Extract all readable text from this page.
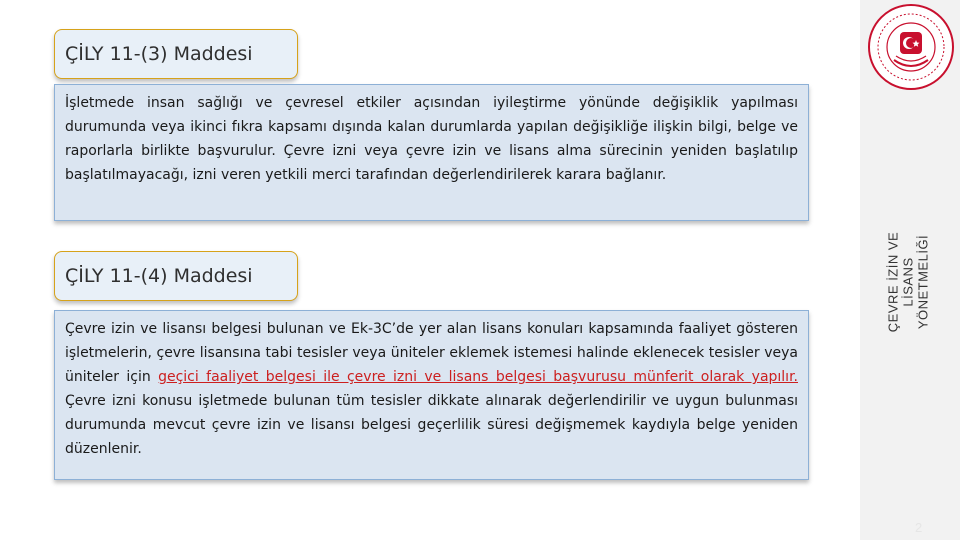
ÇEVRE İZİN VE LİSANS YÖNETMELİĞİ
ÇİLY 11-(3) Maddesi

İşletmede insan sağlığı ve çevresel etkiler açısından iyileştirme yönünde değişiklik yapılması durumunda veya ikinci fıkra kapsamı dışında kalan durumlarda yapılan değişikliğe ilişkin bilgi, belge ve raporlarla birlikte başvurulur. Çevre izni veya çevre izin ve lisans alma sürecinin yeniden başlatılıp başlatılmayacağı, izni veren yetkili merci tarafından değerlendirilerek karara bağlanır.

ÇİLY 11-(4) Maddesi

Çevre izin ve lisansı belgesi bulunan ve Ek-3C’de yer alan lisans konuları kapsamında faaliyet gösteren işletmelerin, çevre lisansına tabi tesisler veya üniteler eklemek istemesi halinde eklenecek tesisler veya üniteler için geçici faaliyet belgesi ile çevre izni ve lisans belgesi başvurusu münferit olarak yapılır. Çevre izni konusu işletmede bulunan tüm tesisler dikkate alınarak değerlendirilir ve uygun bulunması durumunda mevcut çevre izin ve lisansı belgesi geçerlilik süresi değişmemek kaydıyla belge yeniden düzenlenir.

2
